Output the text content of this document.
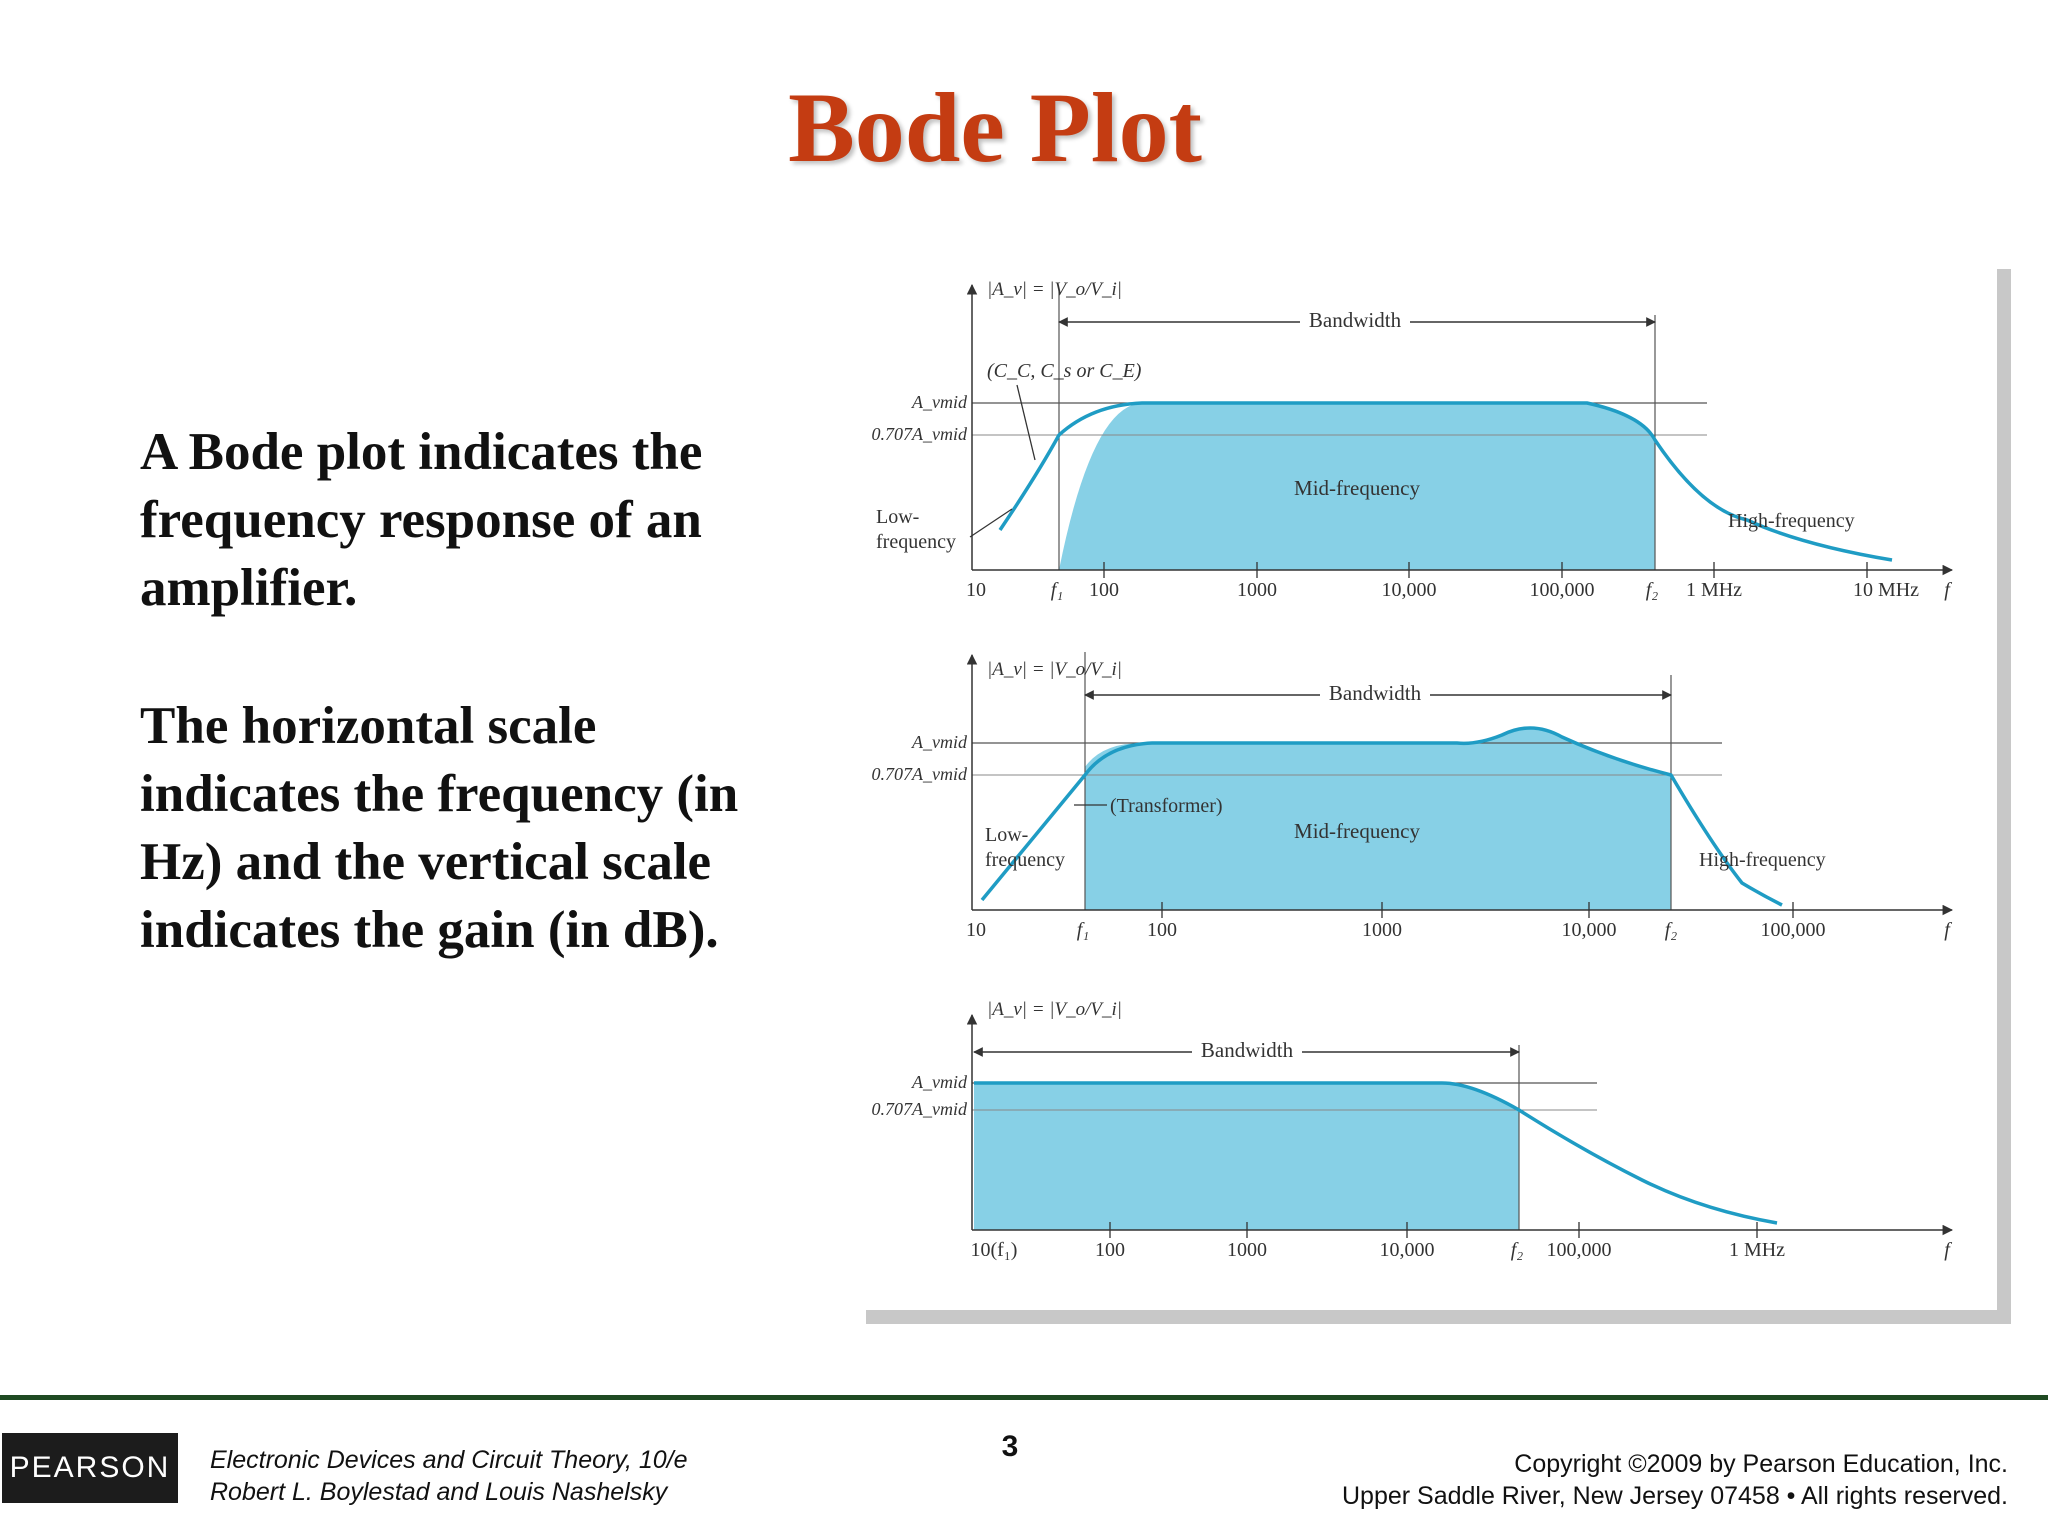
Bode Plot

A Bode plot indicates the frequency response of an amplifier.

The horizontal scale indicates the frequency (in Hz) and the vertical scale indicates the gain (in dB).

Bandwidth
|A_v| = |V_o/V_i|
(C_C, C_s or C_E)
A_vmid
0.707A_vmid
Mid-frequency
Low-
frequency
High-frequency
10	f₁ 100	1000	10,000	100,000	f₂ 1 MHz	10 MHz f
Bandwidth
|A_v| = |V_o/V_i|
A_vmid
0.707A_vmid
(Transformer)
Mid-frequency
Low-
frequency	High-frequency
10	f₁	100	1000	10,000 f₂	100,000	f
Bandwidth
|A_v| = |V_o/V_i|
A_vmid
0.707A_vmid
10(f₁)	100	1000	10,000	f₂ 100,000	1 MHz	f
PEARSON	Electronic Devices and Circuit Theory, 10/e
Robert L. Boylestad and Louis Nashelsky
3
Copyright ©2009 by Pearson Education, Inc.
Upper Saddle River, New Jersey 07458 • All rights reserved.
